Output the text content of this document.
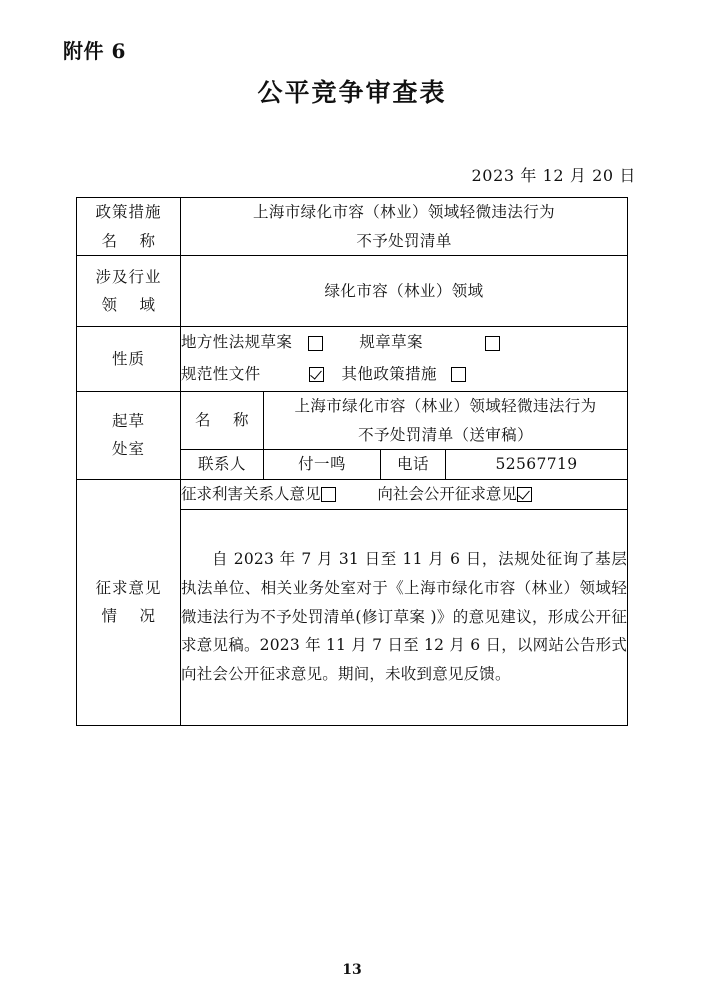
附件 6
公平竞争审查表
2023 年 12 月 20 日
政策措施
名 称	上海市绿化市容（林业）领域轻微违法行为
不予处罚清单			

涉及行业
领 域	绿化市容（林业）领域			

性质	地方性法规草案 规章草案
规范性文件 其他政策措施			

起草
处室	名 称	上海市绿化市容（林业）领域轻微违法行为
不予处罚清单（送审稿）		

	联系人	付一鸣	电话	52567719

征求意见
情 况	征求利害关系人意见
向社会公开征求意见			

	自 2023 年 7 月 31 日至 11 月 6 日，法规处征询了基层执法单位、相关业务处室对于《上海市绿化市容（林业）领域轻微违法行为不予处罚清单(修订草案 )》的意见建议，形成公开征求意见稿。2023 年 11 月 7 日至 12 月 6 日，以网站公告形式向社会公开征求意见。期间，未收到意见反馈。			

13
